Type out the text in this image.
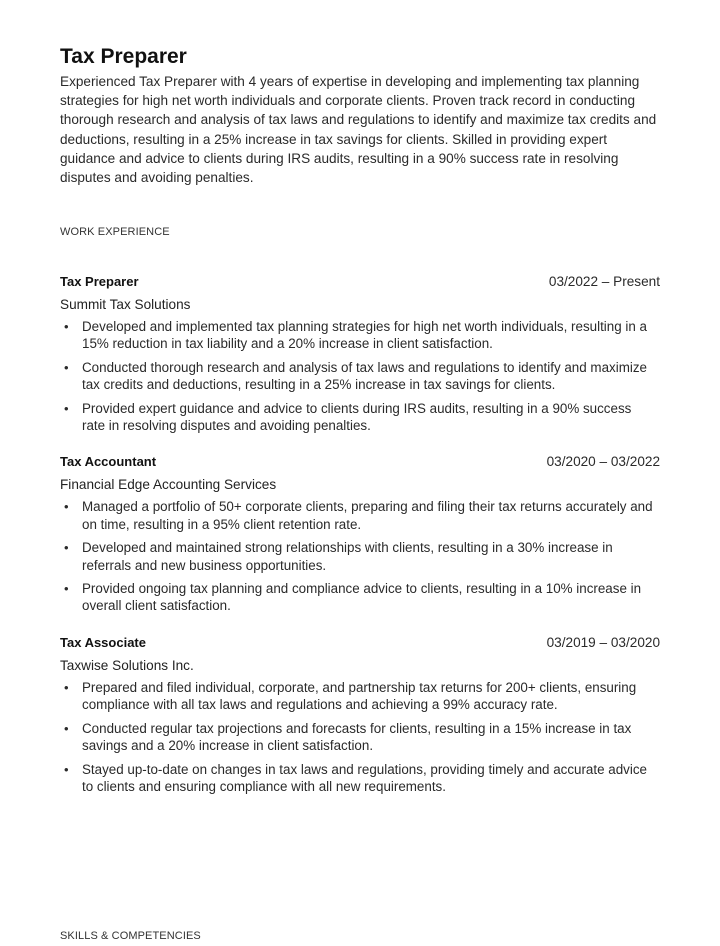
Tax Preparer

Experienced Tax Preparer with 4 years of expertise in developing and implementing tax planning strategies for high net worth individuals and corporate clients. Proven track record in conducting thorough research and analysis of tax laws and regulations to identify and maximize tax credits and deductions, resulting in a 25% increase in tax savings for clients. Skilled in providing expert guidance and advice to clients during IRS audits, resulting in a 90% success rate in resolving disputes and avoiding penalties.

WORK EXPERIENCE
Tax Preparer	03/2022 – Present
Summit Tax Solutions
• Developed and implemented tax planning strategies for high net worth individuals, resulting in a 15% reduction in tax liability and a 20% increase in client satisfaction.
• Conducted thorough research and analysis of tax laws and regulations to identify and maximize tax credits and deductions, resulting in a 25% increase in tax savings for clients.
• Provided expert guidance and advice to clients during IRS audits, resulting in a 90% success rate in resolving disputes and avoiding penalties.
Tax Accountant	03/2020 – 03/2022
Financial Edge Accounting Services
• Managed a portfolio of 50+ corporate clients, preparing and filing their tax returns accurately and on time, resulting in a 95% client retention rate.
• Developed and maintained strong relationships with clients, resulting in a 30% increase in referrals and new business opportunities.
• Provided ongoing tax planning and compliance advice to clients, resulting in a 10% increase in overall client satisfaction.
Tax Associate	03/2019 – 03/2020
Taxwise Solutions Inc.
• Prepared and filed individual, corporate, and partnership tax returns for 200+ clients, ensuring compliance with all tax laws and regulations and achieving a 99% accuracy rate.
• Conducted regular tax projections and forecasts for clients, resulting in a 15% increase in tax savings and a 20% increase in client satisfaction.
• Stayed up-to-date on changes in tax laws and regulations, providing timely and accurate advice to clients and ensuring compliance with all new requirements.
SKILLS & COMPETENCIES
